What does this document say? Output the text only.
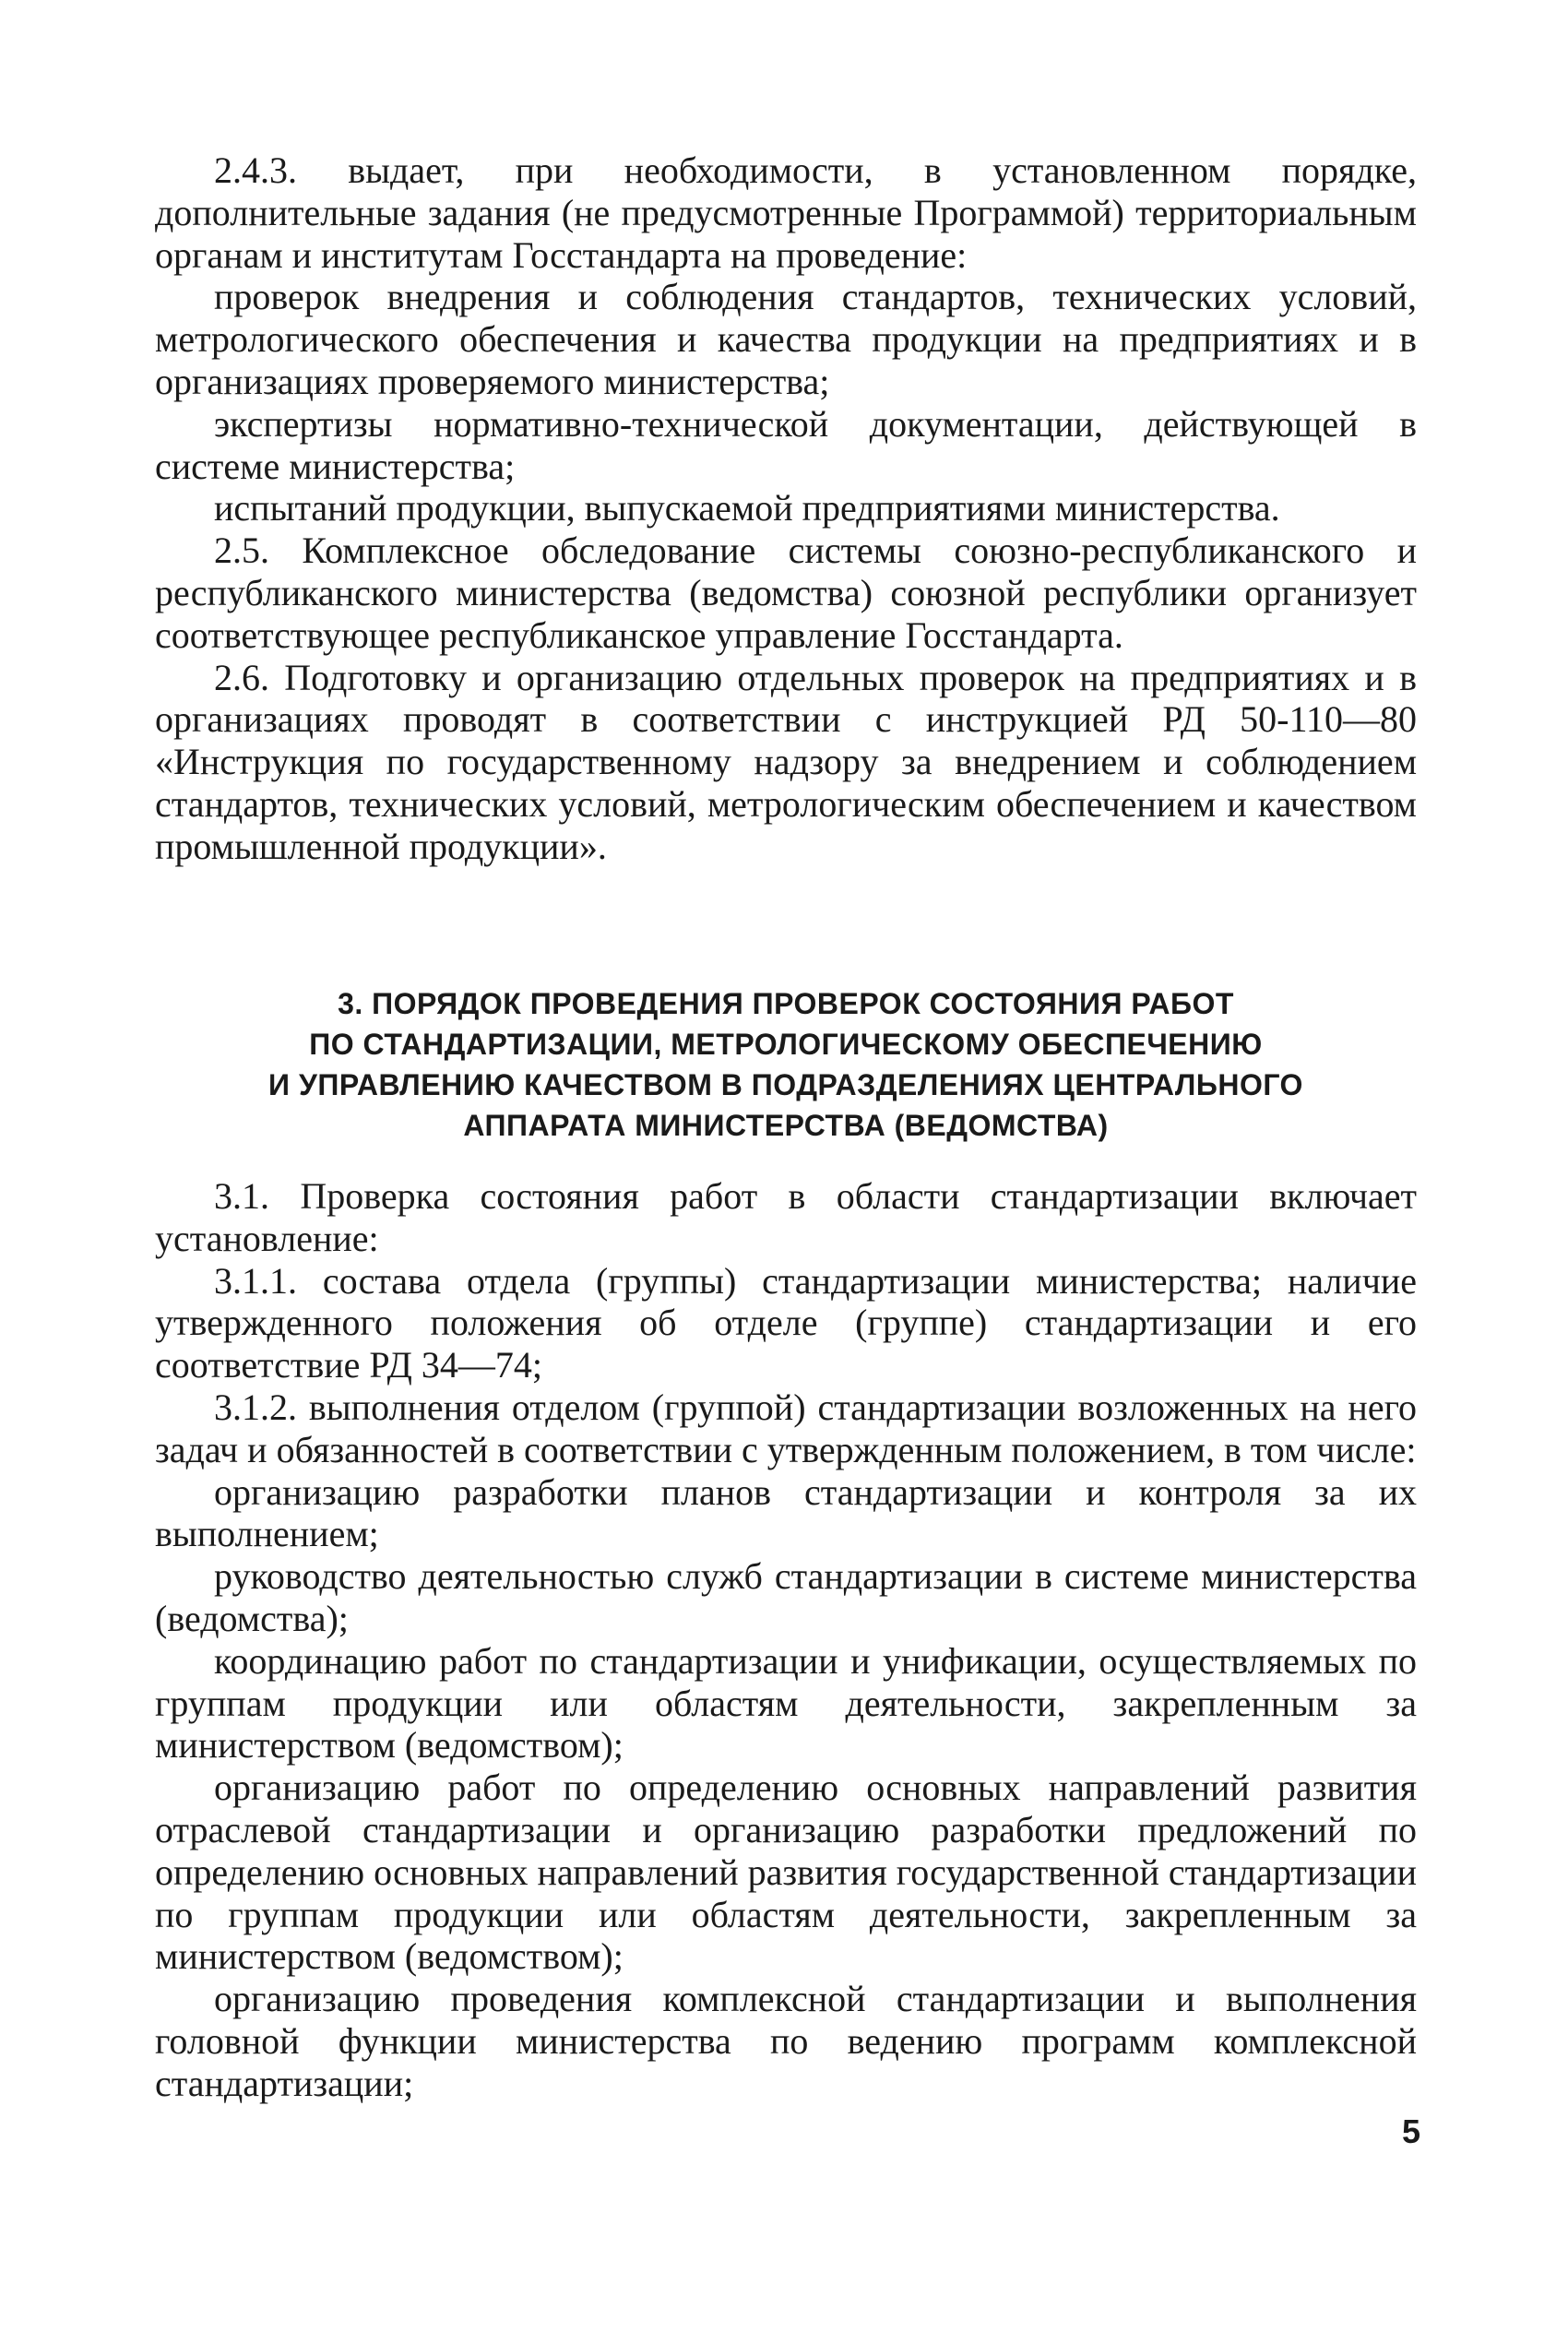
2.4.3. выдает, при необходимости, в установленном порядке, дополнительные задания (не предусмотренные Программой) территориальным органам и институтам Госстандарта на проведение:

проверок внедрения и соблюдения стандартов, технических условий, метрологического обеспечения и качества продукции на предприятиях и в организациях проверяемого министерства;

экспертизы нормативно-технической документации, действующей в системе министерства;

испытаний продукции, выпускаемой предприятиями министерства.

2.5. Комплексное обследование системы союзно-республиканского и республиканского министерства (ведомства) союзной республики организует соответствующее республиканское управление Госстандарта.

2.6. Подготовку и организацию отдельных проверок на предприятиях и в организациях проводят в соответствии с инструкцией РД 50-110—80 «Инструкция по государственному надзору за внедрением и соблюдением стандартов, технических условий, метрологическим обеспечением и качеством промышленной продукции».

3. ПОРЯДОК ПРОВЕДЕНИЯ ПРОВЕРОК СОСТОЯНИЯ РАБОТ
ПО СТАНДАРТИЗАЦИИ, МЕТРОЛОГИЧЕСКОМУ ОБЕСПЕЧЕНИЮ
И УПРАВЛЕНИЮ КАЧЕСТВОМ В ПОДРАЗДЕЛЕНИЯХ ЦЕНТРАЛЬНОГО
АППАРАТА МИНИСТЕРСТВА (ВЕДОМСТВА)

3.1. Проверка состояния работ в области стандартизации включает установление:

3.1.1. состава отдела (группы) стандартизации министерства; наличие утвержденного положения об отделе (группе) стандартизации и его соответствие РД 34—74;

3.1.2. выполнения отделом (группой) стандартизации возложенных на него задач и обязанностей в соответствии с утвержденным положением, в том числе:

организацию разработки планов стандартизации и контроля за их выполнением;

руководство деятельностью служб стандартизации в системе министерства (ведомства);

координацию работ по стандартизации и унификации, осуществляемых по группам продукции или областям деятельности, закрепленным за министерством (ведомством);

организацию работ по определению основных направлений развития отраслевой стандартизации и организацию разработки предложений по определению основных направлений развития государственной стандартизации по группам продукции или областям деятельности, закрепленным за министерством (ведомством);

организацию проведения комплексной стандартизации и выполнения головной функции министерства по ведению программ комплексной стандартизации;

5
